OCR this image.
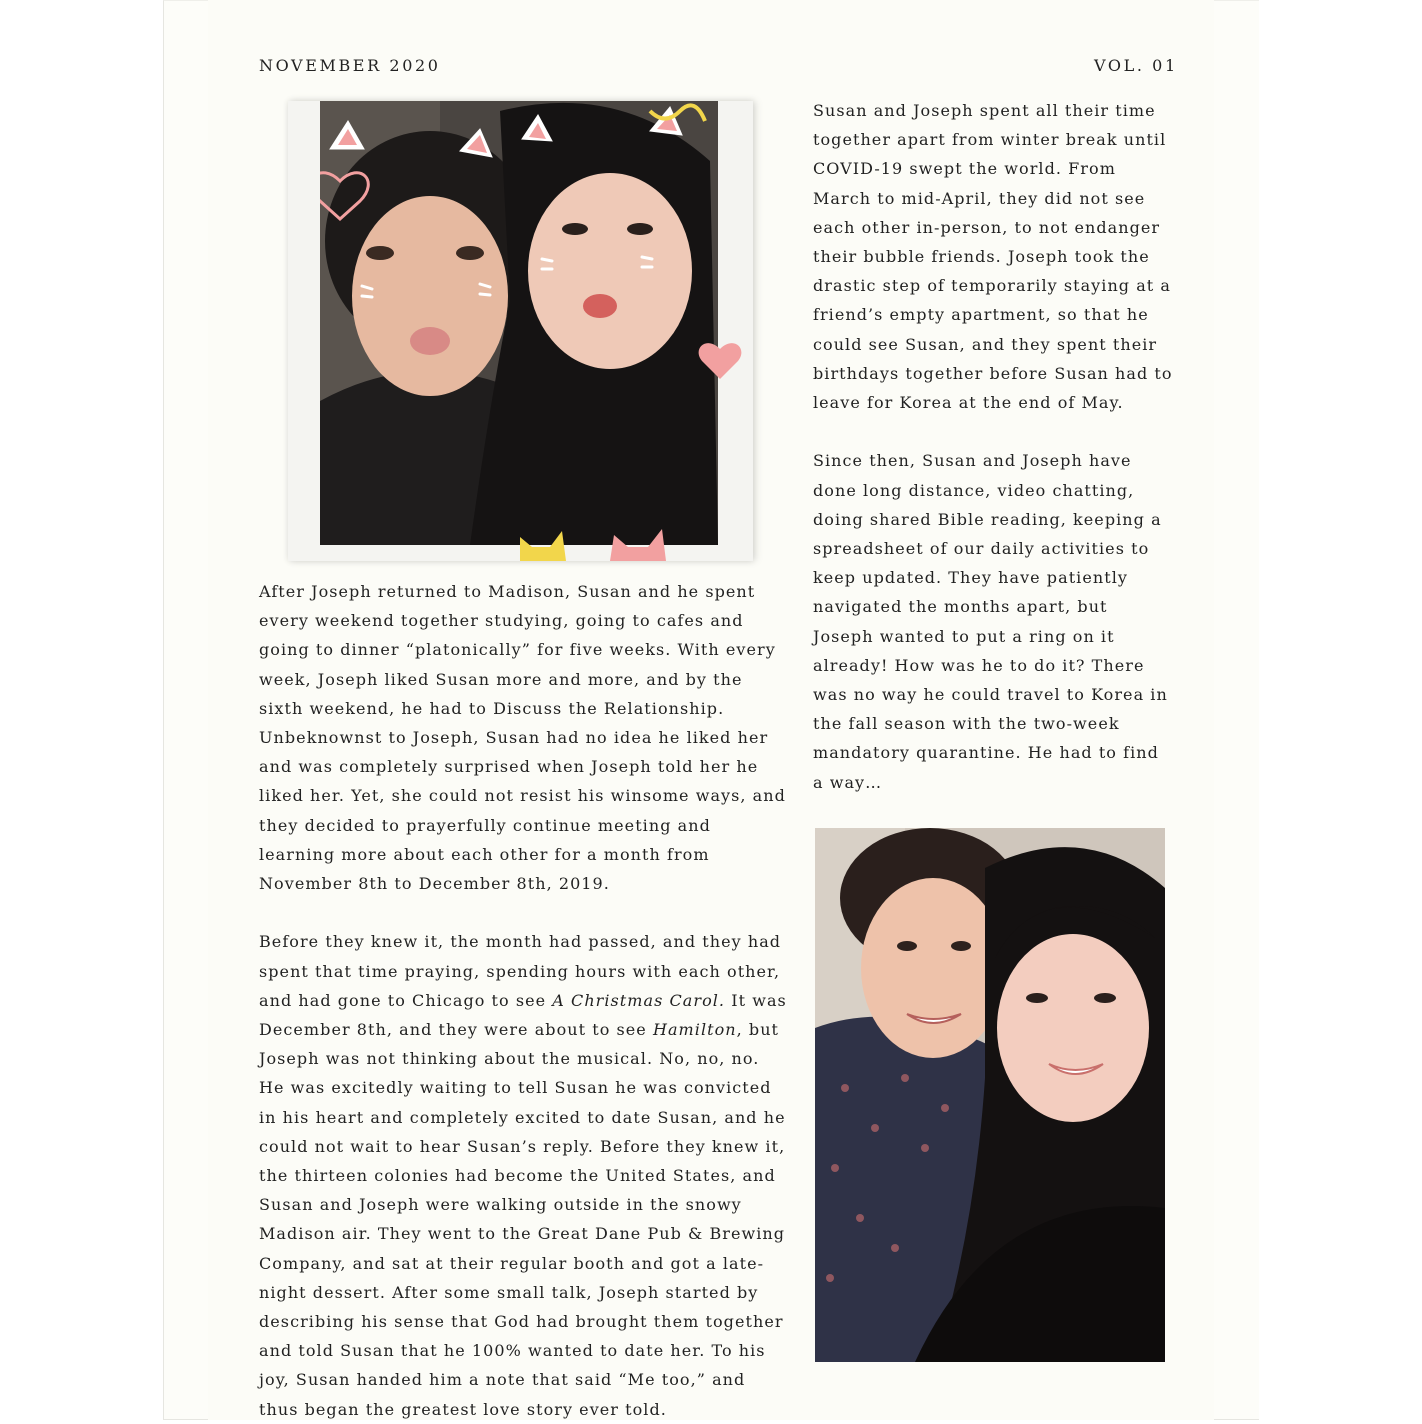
NOVEMBER 2020	VOL. 01

After Joseph returned to Madison, Susan and he spent every weekend together studying, going to cafes and going to dinner “platonically” for five weeks. With every week, Joseph liked Susan more and more, and by the sixth weekend, he had to Discuss the Relationship. Unbeknownst to Joseph, Susan had no idea he liked her and was completely surprised when Joseph told her he liked her. Yet, she could not resist his winsome ways, and they decided to prayerfully continue meeting and learning more about each other for a month from November 8th to December 8th, 2019.

Before they knew it, the month had passed, and they had spent that time praying, spending hours with each other, and had gone to Chicago to see A Christmas Carol. It was December 8th, and they were about to see Hamilton, but Joseph was not thinking about the musical. No, no, no. He was excitedly waiting to tell Susan he was convicted in his heart and completely excited to date Susan, and he could not wait to hear Susan’s reply. Before they knew it, the thirteen colonies had become the United States, and Susan and Joseph were walking outside in the snowy Madison air. They went to the Great Dane Pub & Brewing Company, and sat at their regular booth and got a late-night dessert. After some small talk, Joseph started by describing his sense that God had brought them together and told Susan that he 100% wanted to date her. To his joy, Susan handed him a note that said “Me too,” and thus began the greatest love story ever told.

Susan and Joseph spent all their time together apart from winter break until COVID-19 swept the world. From March to mid-April, they did not see each other in-person, to not endanger their bubble friends. Joseph took the drastic step of temporarily staying at a friend’s empty apartment, so that he could see Susan, and they spent their birthdays together before Susan had to leave for Korea at the end of May.

Since then, Susan and Joseph have done long distance, video chatting, doing shared Bible reading, keeping a spreadsheet of our daily activities to keep updated. They have patiently navigated the months apart, but Joseph wanted to put a ring on it already! How was he to do it? There was no way he could travel to Korea in the fall season with the two-week mandatory quarantine. He had to find a way…
